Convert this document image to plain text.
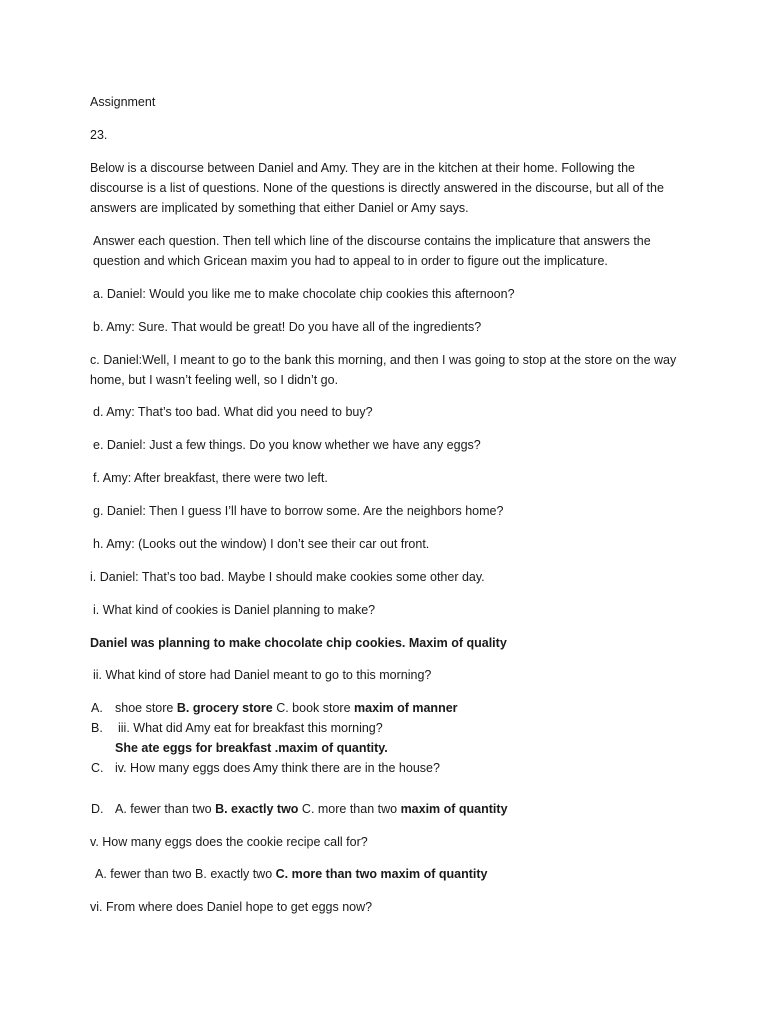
Assignment
23.
Below is a discourse between Daniel and Amy. They are in the kitchen at their home. Following the discourse is a list of questions. None of the questions is directly answered in the discourse, but all of the answers are implicated by something that either Daniel or Amy says.
Answer each question. Then tell which line of the discourse contains the implicature that answers the question and which Gricean maxim you had to appeal to in order to figure out the implicature.
a. Daniel: Would you like me to make chocolate chip cookies this afternoon?
b. Amy: Sure. That would be great! Do you have all of the ingredients?
c. Daniel:Well, I meant to go to the bank this morning, and then I was going to stop at the store on the way home, but I wasn’t feeling well, so I didn’t go.
d. Amy: That’s too bad. What did you need to buy?
e. Daniel: Just a few things. Do you know whether we have any eggs?
f. Amy: After breakfast, there were two left.
g. Daniel: Then I guess I’ll have to borrow some. Are the neighbors home?
h. Amy: (Looks out the window) I don’t see their car out front.
i. Daniel: That’s too bad. Maybe I should make cookies some other day.
i. What kind of cookies is Daniel planning to make?
Daniel was planning to make chocolate chip cookies. Maxim of quality
ii. What kind of store had Daniel meant to go to this morning?
A. shoe store B. grocery store C. book store maxim of manner
B. iii. What did Amy eat for breakfast this morning?
She ate eggs for breakfast .maxim of quantity.
C. iv. How many eggs does Amy think there are in the house?
D. A. fewer than two B. exactly two C. more than two maxim of quantity
v. How many eggs does the cookie recipe call for?
A. fewer than two B. exactly two C. more than two maxim of quantity
vi. From where does Daniel hope to get eggs now?
